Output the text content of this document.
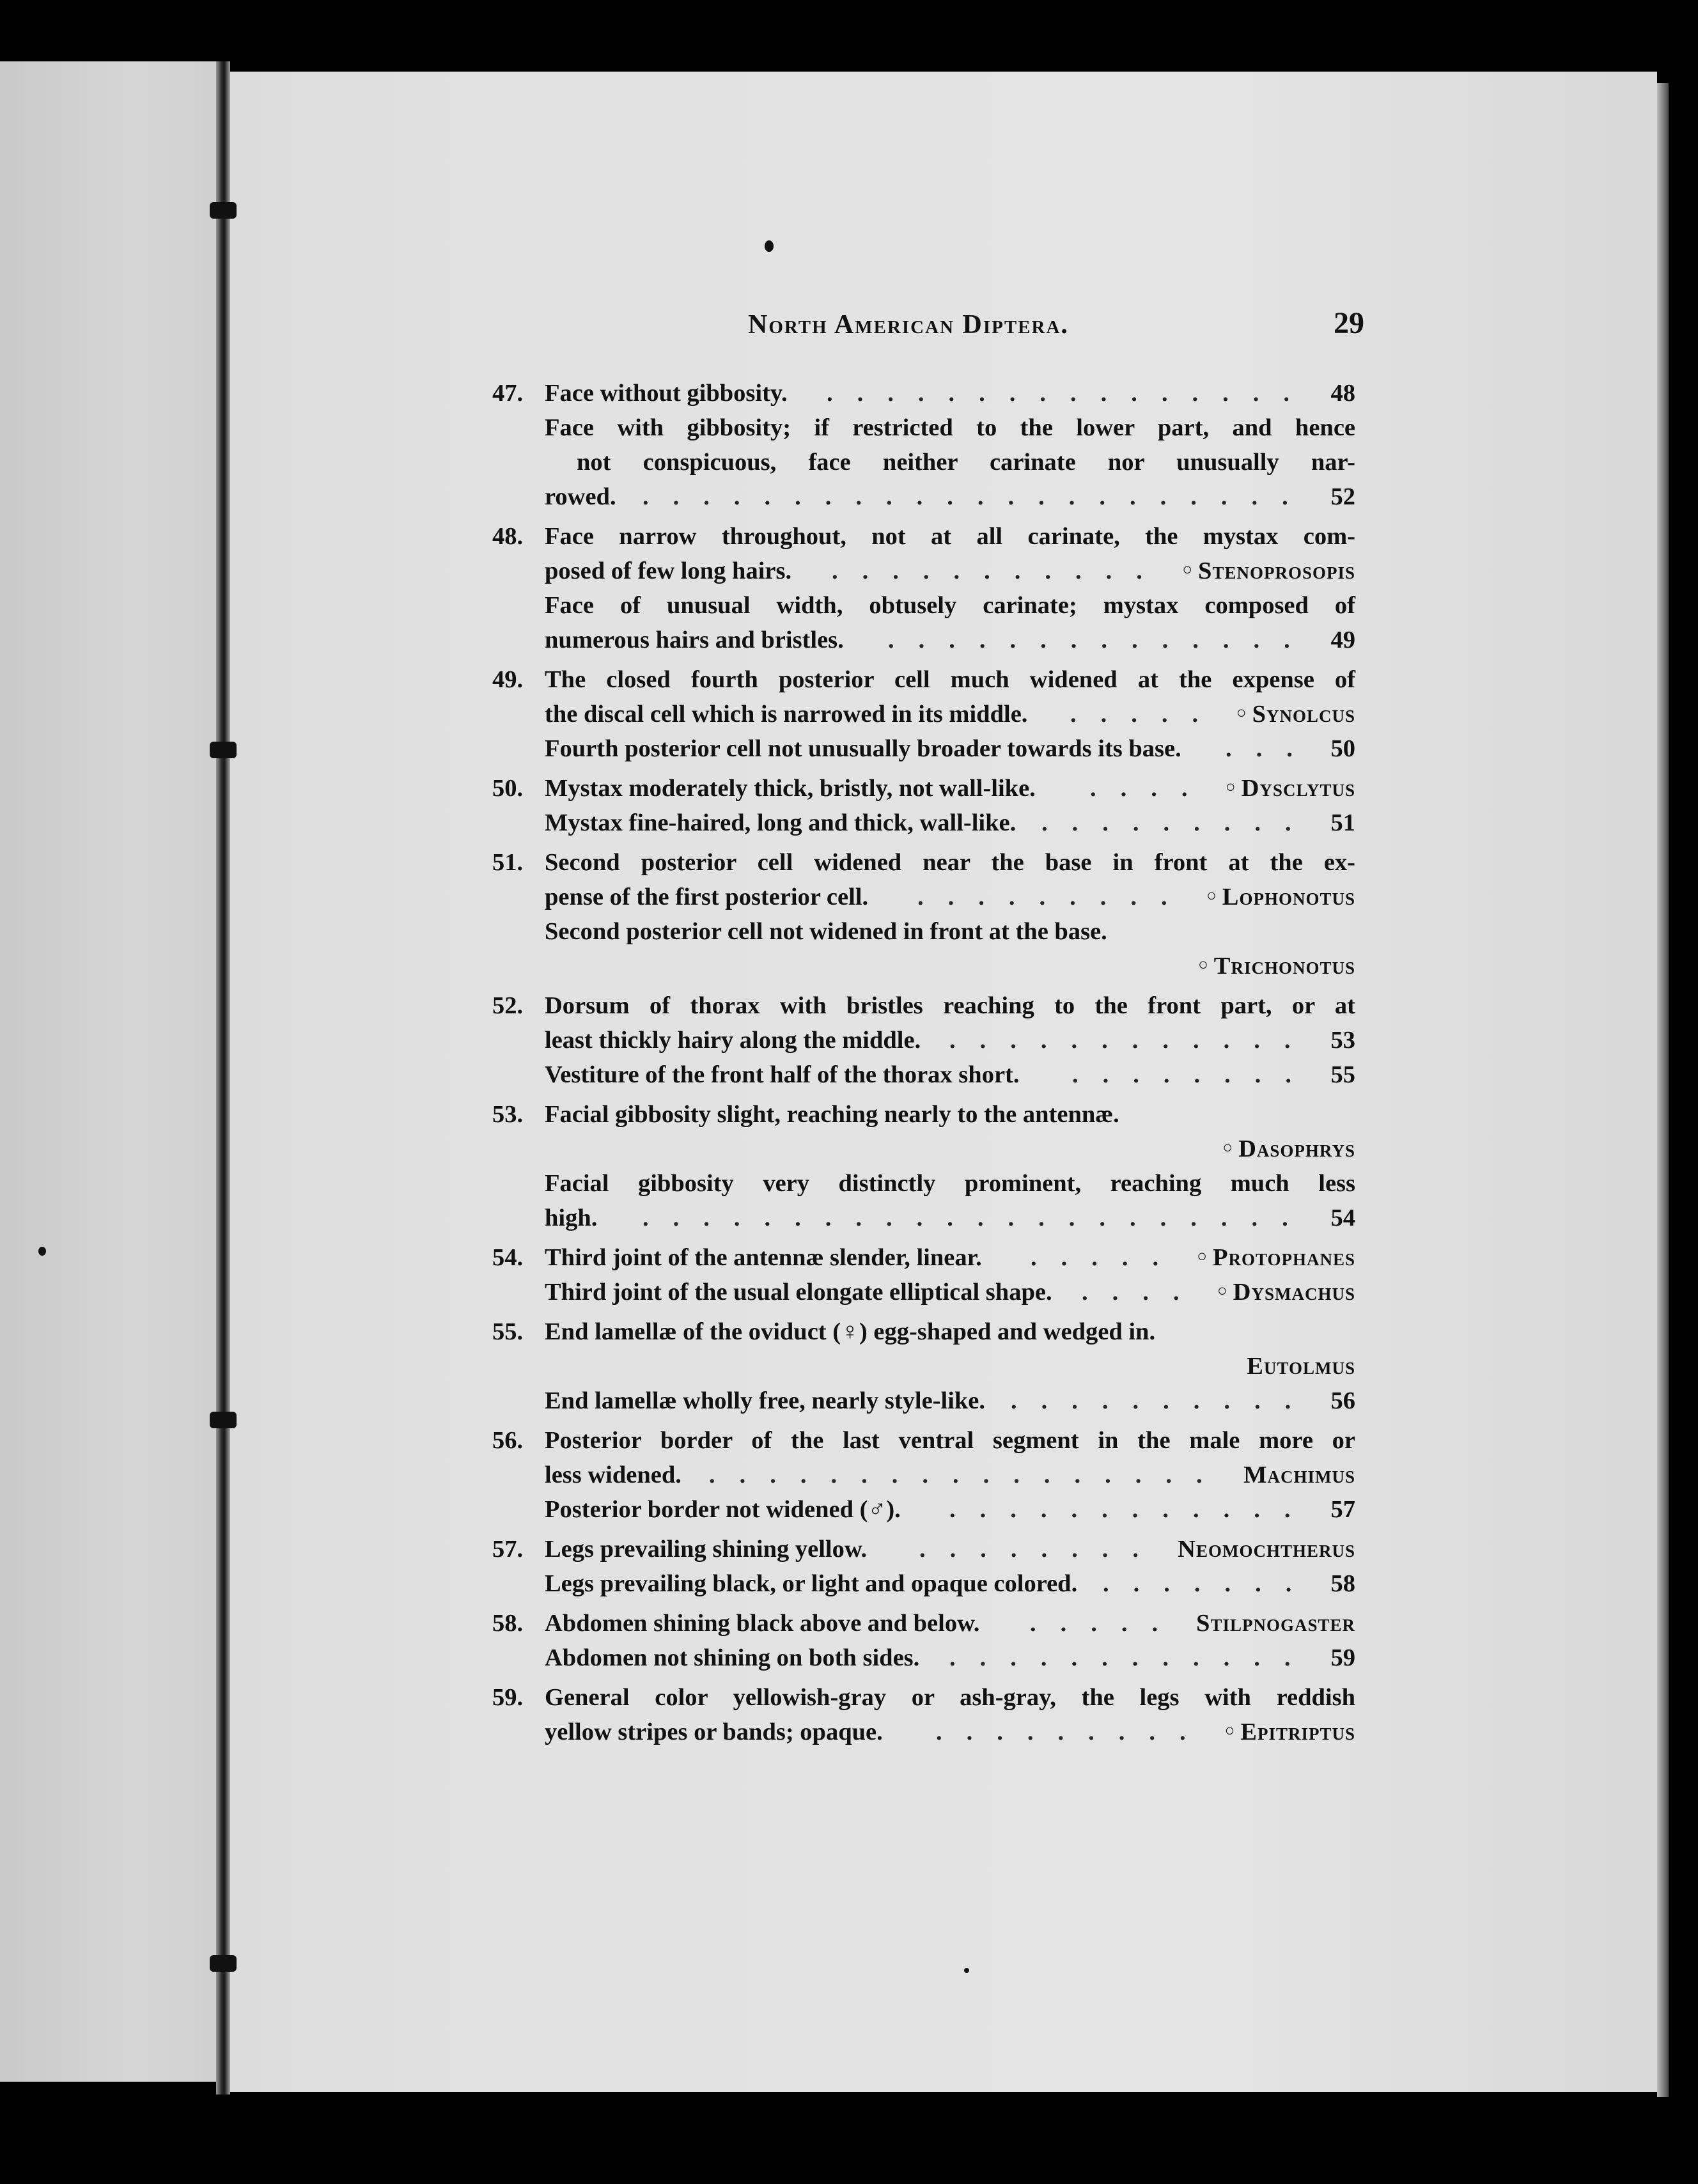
North American Diptera.	29
47. Face without gibbosity. ................ 48
Face with gibbosity; if restricted to the lower part, and hence
not conspicuous, face neither carinate nor unusually nar-
rowed. ...................... 52
48. Face narrow throughout, not at all carinate, the mystax com-
posed of few long hairs. ........... ○ Stenoprosopis
Face of unusual width, obtusely carinate; mystax composed of
numerous hairs and bristles. .............. 49
49. The closed fourth posterior cell much widened at the expense of
the discal cell which is narrowed in its middle. ..... ○ Synolcus
Fourth posterior cell not unusually broader towards its base. ... 50
50. Mystax moderately thick, bristly, not wall-like. .... ○ Dysclytus
Mystax fine-haired, long and thick, wall-like. ......... 51
51. Second posterior cell widened near the base in front at the ex-
pense of the first posterior cell. ......... ○ Lophonotus
Second posterior cell not widened in front at the base.
○ Trichonotus
52. Dorsum of thorax with bristles reaching to the front part, or at
least thickly hairy along the middle. ............ 53
Vestiture of the front half of the thorax short. ........ 55
53. Facial gibbosity slight, reaching nearly to the antennæ.
○ Dasophrys
Facial gibbosity very distinctly prominent, reaching much less
high. ...................... 54
54. Third joint of the antennæ slender, linear. ..... ○ Protophanes
Third joint of the usual elongate elliptical shape. .... ○ Dysmachus
55. End lamellæ of the oviduct (♀) egg-shaped and wedged in.
Eutolmus
End lamellæ wholly free, nearly style-like. .......... 56
56. Posterior border of the last ventral segment in the male more or
less widened. ................. Machimus
Posterior border not widened (♂). ............ 57
57. Legs prevailing shining yellow. ........ Neomochtherus
Legs prevailing black, or light and opaque colored. ....... 58
58. Abdomen shining black above and below. ..... Stilpnogaster
Abdomen not shining on both sides. ............ 59
59. General color yellowish-gray or ash-gray, the legs with reddish
yellow stripes or bands; opaque. ......... ○ Epitriptus
